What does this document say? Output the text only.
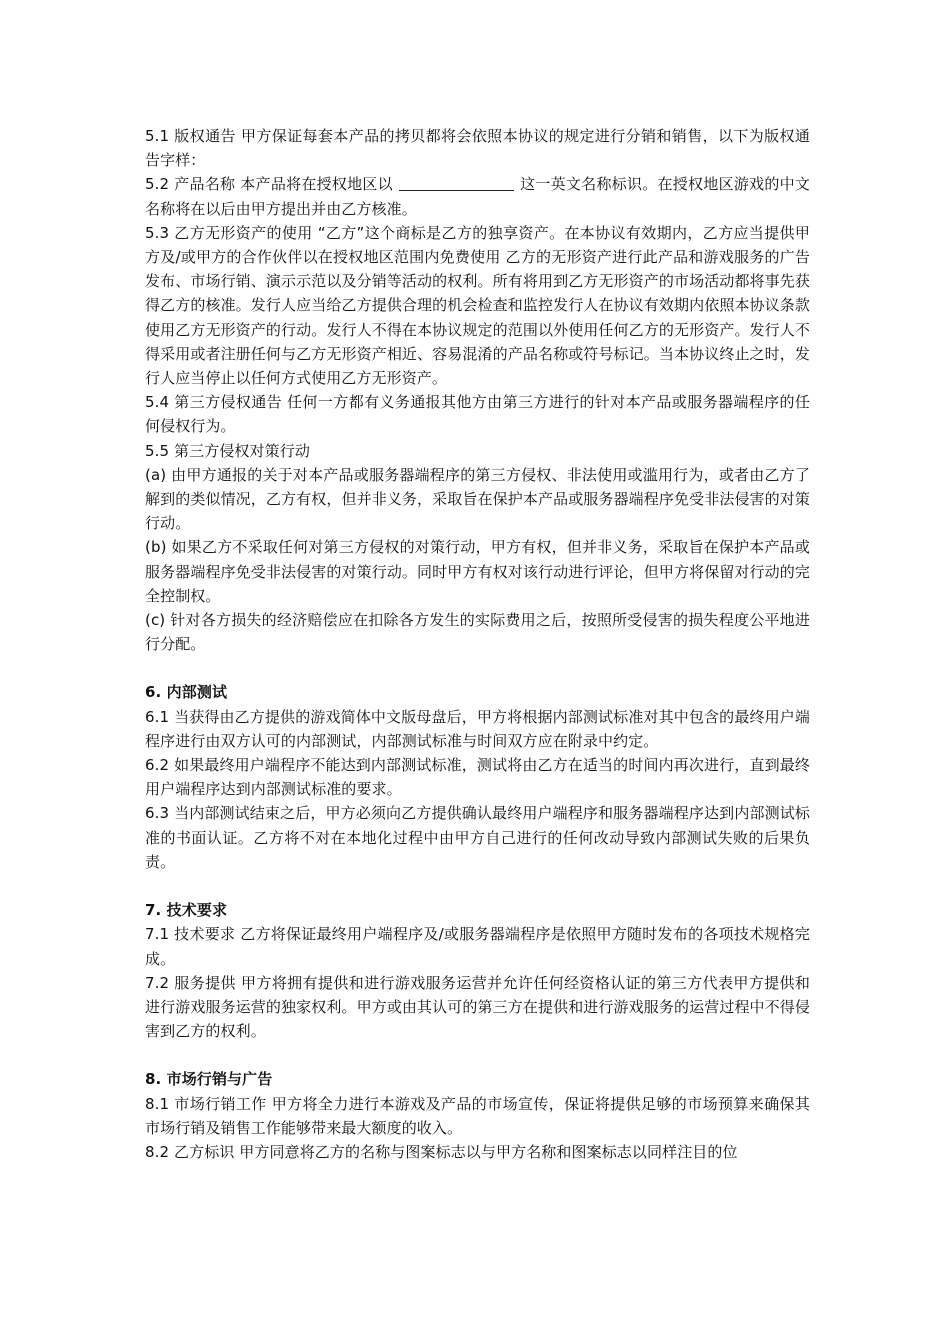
5.1 版权通告 甲方保证每套本产品的拷贝都将会依照本协议的规定进行分销和销售，以下为版权通告字样：

5.2 产品名称 本产品将在授权地区以	这一英文名称标识。在授权地区游戏的中文名称将在以后由甲方提出并由乙方核准。

5.3 乙方无形资产的使用 “乙方”这个商标是乙方的独享资产。在本协议有效期内，乙方应当提供甲方及/或甲方的合作伙伴以在授权地区范围内免费使用 乙方的无形资产进行此产品和游戏服务的广告发布、市场行销、演示示范以及分销等活动的权利。所有将用到乙方无形资产的市场活动都将事先获得乙方的核准。发行人应当给乙方提供合理的机会检查和监控发行人在协议有效期内依照本协议条款使用乙方无形资产的行动。发行人不得在本协议规定的范围以外使用任何乙方的无形资产。发行人不得采用或者注册任何与乙方无形资产相近、容易混淆的产品名称或符号标记。当本协议终止之时，发行人应当停止以任何方式使用乙方无形资产。

5.4 第三方侵权通告 任何一方都有义务通报其他方由第三方进行的针对本产品或服务器端程序的任何侵权行为。

5.5 第三方侵权对策行动

(a) 由甲方通报的关于对本产品或服务器端程序的第三方侵权、非法使用或滥用行为，或者由乙方了解到的类似情况，乙方有权，但并非义务，采取旨在保护本产品或服务器端程序免受非法侵害的对策行动。

(b) 如果乙方不采取任何对第三方侵权的对策行动，甲方有权，但并非义务，采取旨在保护本产品或服务器端程序免受非法侵害的对策行动。同时甲方有权对该行动进行评论，但甲方将保留对行动的完全控制权。

(c) 针对各方损失的经济赔偿应在扣除各方发生的实际费用之后，按照所受侵害的损失程度公平地进行分配。

6. 内部测试

6.1 当获得由乙方提供的游戏简体中文版母盘后，甲方将根据内部测试标准对其中包含的最终用户端程序进行由双方认可的内部测试，内部测试标准与时间双方应在附录中约定。

6.2 如果最终用户端程序不能达到内部测试标准，测试将由乙方在适当的时间内再次进行，直到最终用户端程序达到内部测试标准的要求。

6.3 当内部测试结束之后，甲方必须向乙方提供确认最终用户端程序和服务器端程序达到内部测试标准的书面认证。乙方将不对在本地化过程中由甲方自己进行的任何改动导致内部测试失败的后果负责。

7. 技术要求

7.1 技术要求 乙方将保证最终用户端程序及/或服务器端程序是依照甲方随时发布的各项技术规格完成。

7.2 服务提供 甲方将拥有提供和进行游戏服务运营并允许任何经资格认证的第三方代表甲方提供和进行游戏服务运营的独家权利。甲方或由其认可的第三方在提供和进行游戏服务的运营过程中不得侵害到乙方的权利。

8. 市场行销与广告

8.1 市场行销工作 甲方将全力进行本游戏及产品的市场宣传，保证将提供足够的市场预算来确保其市场行销及销售工作能够带来最大额度的收入。

8.2 乙方标识 甲方同意将乙方的名称与图案标志以与甲方名称和图案标志以同样注目的位
